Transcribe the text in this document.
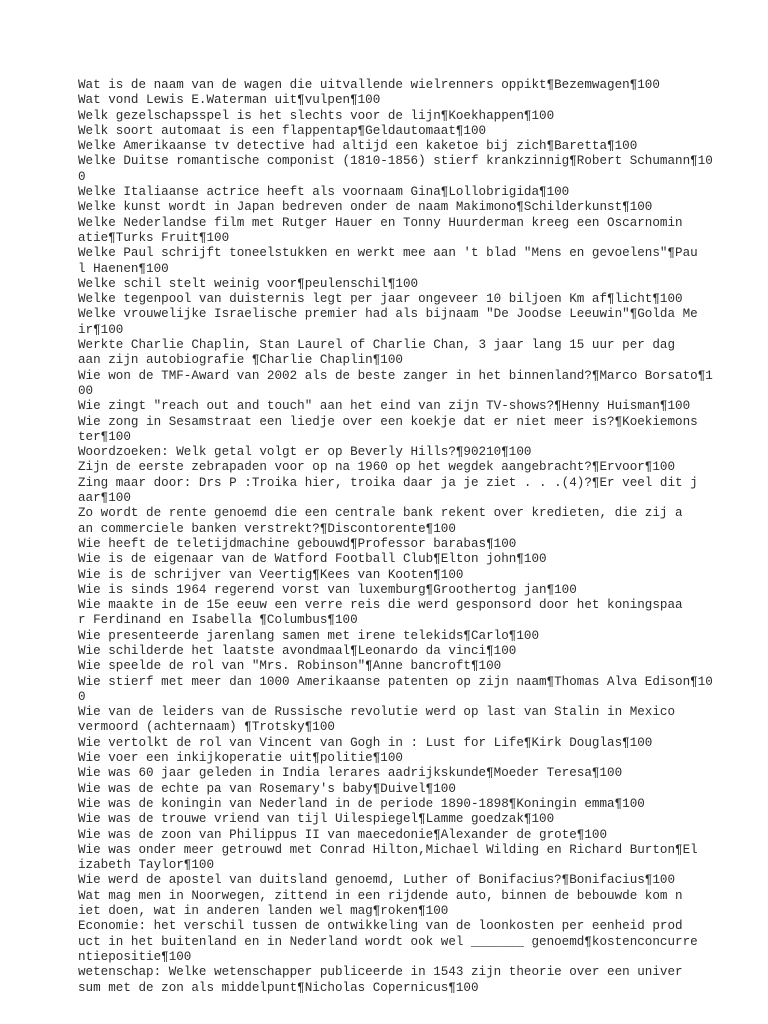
Wat is de naam van de wagen die uitvallende wielrenners oppikt¶Bezemwagen¶100
Wat vond Lewis E.Waterman uit¶vulpen¶100
Welk gezelschapsspel is het slechts voor de lijn¶Koekhappen¶100
Welk soort automaat is een flappentap¶Geldautomaat¶100
Welke Amerikaanse tv detective had altijd een kaketoe bij zich¶Baretta¶100
Welke Duitse romantische componist (1810-1856) stierf krankzinnig¶Robert Schumann¶10
0
Welke Italiaanse actrice heeft als voornaam Gina¶Lollobrigida¶100
Welke kunst wordt in Japan bedreven onder de naam Makimono¶Schilderkunst¶100
Welke Nederlandse film met Rutger Hauer en Tonny Huurderman kreeg een Oscarnomin
atie¶Turks Fruit¶100
Welke Paul schrijft toneelstukken en werkt mee aan 't blad "Mens en gevoelens"¶Pau
l Haenen¶100
Welke schil stelt weinig voor¶peulenschil¶100
Welke tegenpool van duisternis legt per jaar ongeveer 10 biljoen Km af¶licht¶100
Welke vrouwelijke Israelische premier had als bijnaam "De Joodse Leeuwin"¶Golda Me
ir¶100
Werkte Charlie Chaplin, Stan Laurel of Charlie Chan, 3 jaar lang 15 uur per dag
aan zijn autobiografie ¶Charlie Chaplin¶100
Wie won de TMF-Award van 2002 als de beste zanger in het binnenland?¶Marco Borsato¶1
00
Wie zingt "reach out and touch" aan het eind van zijn TV-shows?¶Henny Huisman¶100
Wie zong in Sesamstraat een liedje over een koekje dat er niet meer is?¶Koekiemons
ter¶100
Woordzoeken: Welk getal volgt er op Beverly Hills?¶90210¶100
Zijn de eerste zebrapaden voor op na 1960 op het wegdek aangebracht?¶Ervoor¶100
Zing maar door: Drs P :Troika hier, troika daar ja je ziet . . .(4)?¶Er veel dit j
aar¶100
Zo wordt de rente genoemd die een centrale bank rekent over kredieten, die zij a
an commerciele banken verstrekt?¶Discontorente¶100
Wie heeft de teletijdmachine gebouwd¶Professor barabas¶100
Wie is de eigenaar van de Watford Football Club¶Elton john¶100
Wie is de schrijver van Veertig¶Kees van Kooten¶100
Wie is sinds 1964 regerend vorst van luxemburg¶Groothertog jan¶100
Wie maakte in de 15e eeuw een verre reis die werd gesponsord door het koningspaa
r Ferdinand en Isabella ¶Columbus¶100
Wie presenteerde jarenlang samen met irene telekids¶Carlo¶100
Wie schilderde het laatste avondmaal¶Leonardo da vinci¶100
Wie speelde de rol van "Mrs. Robinson"¶Anne bancroft¶100
Wie stierf met meer dan 1000 Amerikaanse patenten op zijn naam¶Thomas Alva Edison¶10
0
Wie van de leiders van de Russische revolutie werd op last van Stalin in Mexico
vermoord (achternaam) ¶Trotsky¶100
Wie vertolkt de rol van Vincent van Gogh in : Lust for Life¶Kirk Douglas¶100
Wie voer een inkijkoperatie uit¶politie¶100
Wie was 60 jaar geleden in India lerares aadrijkskunde¶Moeder Teresa¶100
Wie was de echte pa van Rosemary's baby¶Duivel¶100
Wie was de koningin van Nederland in de periode 1890-1898¶Koningin emma¶100
Wie was de trouwe vriend van tijl Uilespiegel¶Lamme goedzak¶100
Wie was de zoon van Philippus II van maecedonie¶Alexander de grote¶100
Wie was onder meer getrouwd met Conrad Hilton,Michael Wilding en Richard Burton¶El
izabeth Taylor¶100
Wie werd de apostel van duitsland genoemd, Luther of Bonifacius?¶Bonifacius¶100
Wat mag men in Noorwegen, zittend in een rijdende auto, binnen de bebouwde kom n
iet doen, wat in anderen landen wel mag¶roken¶100
Economie: het verschil tussen de ontwikkeling van de loonkosten per eenheid prod
uct in het buitenland en in Nederland wordt ook wel _______ genoemd¶kostenconcurre
ntiepositie¶100
wetenschap: Welke wetenschapper publiceerde in 1543 zijn theorie over een univer
sum met de zon als middelpunt¶Nicholas Copernicus¶100
